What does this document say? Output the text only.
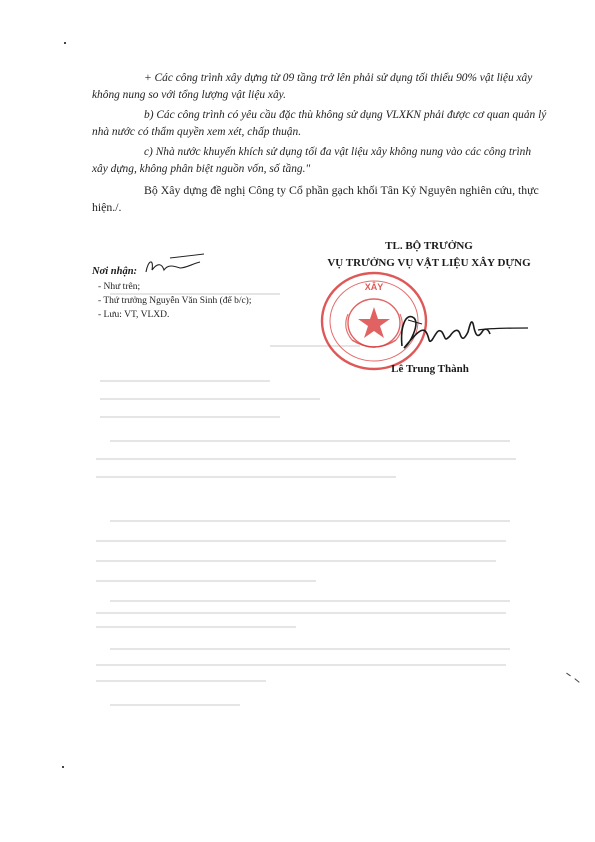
+ Các công trình xây dựng từ 09 tầng trở lên phải sử dụng tối thiểu 90% vật liệu xây không nung so với tổng lượng vật liệu xây.

b) Các công trình có yêu cầu đặc thù không sử dụng VLXKN phải được cơ quan quản lý nhà nước có thẩm quyền xem xét, chấp thuận.

c) Nhà nước khuyến khích sử dụng tối đa vật liệu xây không nung vào các công trình xây dựng, không phân biệt nguồn vốn, số tầng."

Bộ Xây dựng đề nghị Công ty Cổ phần gạch khối Tân Kỷ Nguyên nghiên cứu, thực hiện./.

Nơi nhận:
- Như trên;
- Thứ trưởng Nguyễn Văn Sinh (để b/c);
- Lưu: VT, VLXD.
TL. BỘ TRƯỞNG
VỤ TRƯỞNG VỤ VẬT LIỆU XÂY DỰNG
XÂY
Lê Trung Thành
